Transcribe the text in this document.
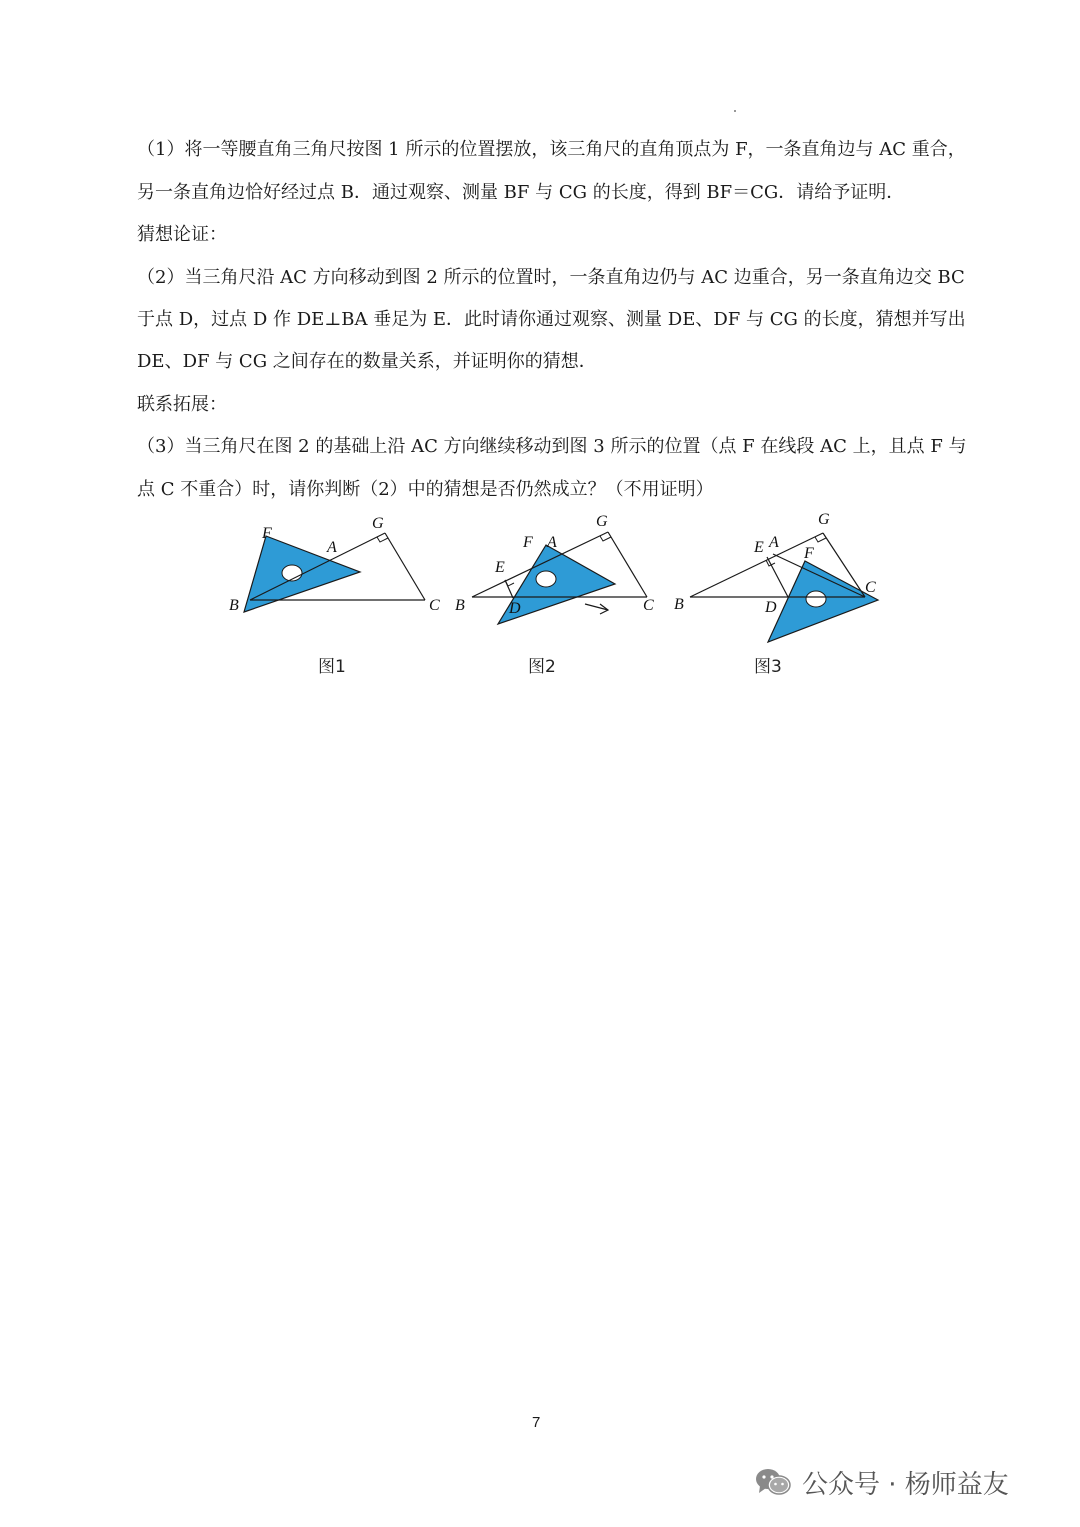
（1）将一等腰直角三角尺按图 1 所示的位置摆放，该三角尺的直角顶点为 F，一条直角边与 AC 重合，
另一条直角边恰好经过点 B．通过观察、测量 BF 与 CG 的长度，得到 BF＝CG．请给予证明．
猜想论证：
（2）当三角尺沿 AC 方向移动到图 2 所示的位置时，一条直角边仍与 AC 边重合，另一条直角边交 BC
于点 D，过点 D 作 DE⊥BA 垂足为 E．此时请你通过观察、测量 DE、DF 与 CG 的长度，猜想并写出
DE、DF 与 CG 之间存在的数量关系，并证明你的猜想．
联系拓展：
（3）当三角尺在图 2 的基础上沿 AC 方向继续移动到图 3 所示的位置（点 F 在线段 AC 上，且点 F 与
点 C 不重合）时，请你判断（2）中的猜想是否仍然成立？（不用证明）
F
A
G
B	C
图1
F A
G
E
B	D	C
图2
E A
G
F
B	D
C
图3
7
公众号 · 杨师益友
